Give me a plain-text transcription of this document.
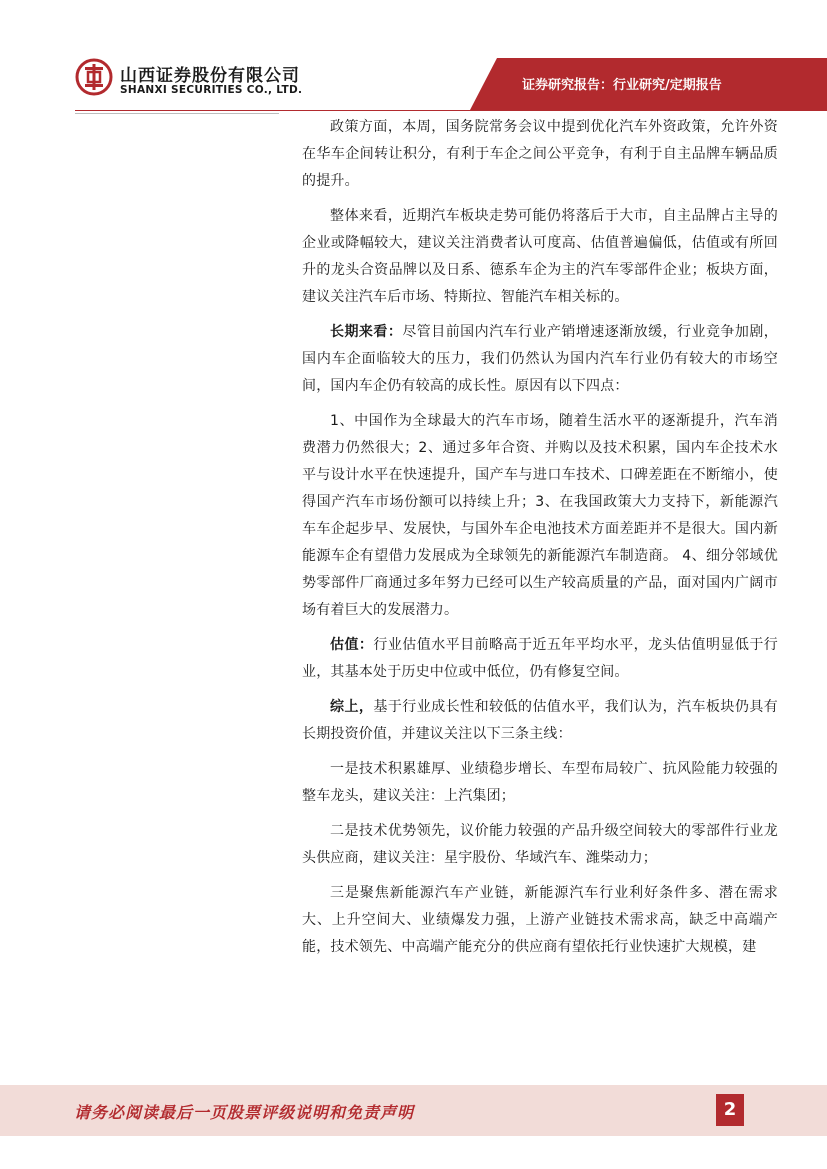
山西证券股份有限公司
SHANXI SECURITIES CO., LTD.	证券研究报告：行业研究/定期报告

政策方面，本周，国务院常务会议中提到优化汽车外资政策，允许外资在华车企间转让积分，有利于车企之间公平竞争，有利于自主品牌车辆品质的提升。

整体来看，近期汽车板块走势可能仍将落后于大市，自主品牌占主导的企业或降幅较大，建议关注消费者认可度高、估值普遍偏低，估值或有所回升的龙头合资品牌以及日系、德系车企为主的汽车零部件企业；板块方面，建议关注汽车后市场、特斯拉、智能汽车相关标的。

长期来看：尽管目前国内汽车行业产销增速逐渐放缓，行业竞争加剧，国内车企面临较大的压力，我们仍然认为国内汽车行业仍有较大的市场空间，国内车企仍有较高的成长性。原因有以下四点：

1、中国作为全球最大的汽车市场，随着生活水平的逐渐提升，汽车消费潜力仍然很大；2、通过多年合资、并购以及技术积累，国内车企技术水平与设计水平在快速提升，国产车与进口车技术、口碑差距在不断缩小，使得国产汽车市场份额可以持续上升；3、在我国政策大力支持下，新能源汽车车企起步早、发展快，与国外车企电池技术方面差距并不是很大。国内新能源车企有望借力发展成为全球领先的新能源汽车制造商。 4、细分邻域优势零部件厂商通过多年努力已经可以生产较高质量的产品，面对国内广阔市场有着巨大的发展潜力。

估值：行业估值水平目前略高于近五年平均水平，龙头估值明显低于行业，其基本处于历史中位或中低位，仍有修复空间。

综上，基于行业成长性和较低的估值水平，我们认为，汽车板块仍具有长期投资价值，并建议关注以下三条主线：

一是技术积累雄厚、业绩稳步增长、车型布局较广、抗风险能力较强的整车龙头，建议关注：上汽集团；

二是技术优势领先，议价能力较强的产品升级空间较大的零部件行业龙头供应商，建议关注：星宇股份、华域汽车、潍柴动力；

三是聚焦新能源汽车产业链，新能源汽车行业利好条件多、潜在需求大、上升空间大、业绩爆发力强，上游产业链技术需求高，缺乏中高端产能，技术领先、中高端产能充分的供应商有望依托行业快速扩大规模，建

请务必阅读最后一页股票评级说明和免责声明	2
